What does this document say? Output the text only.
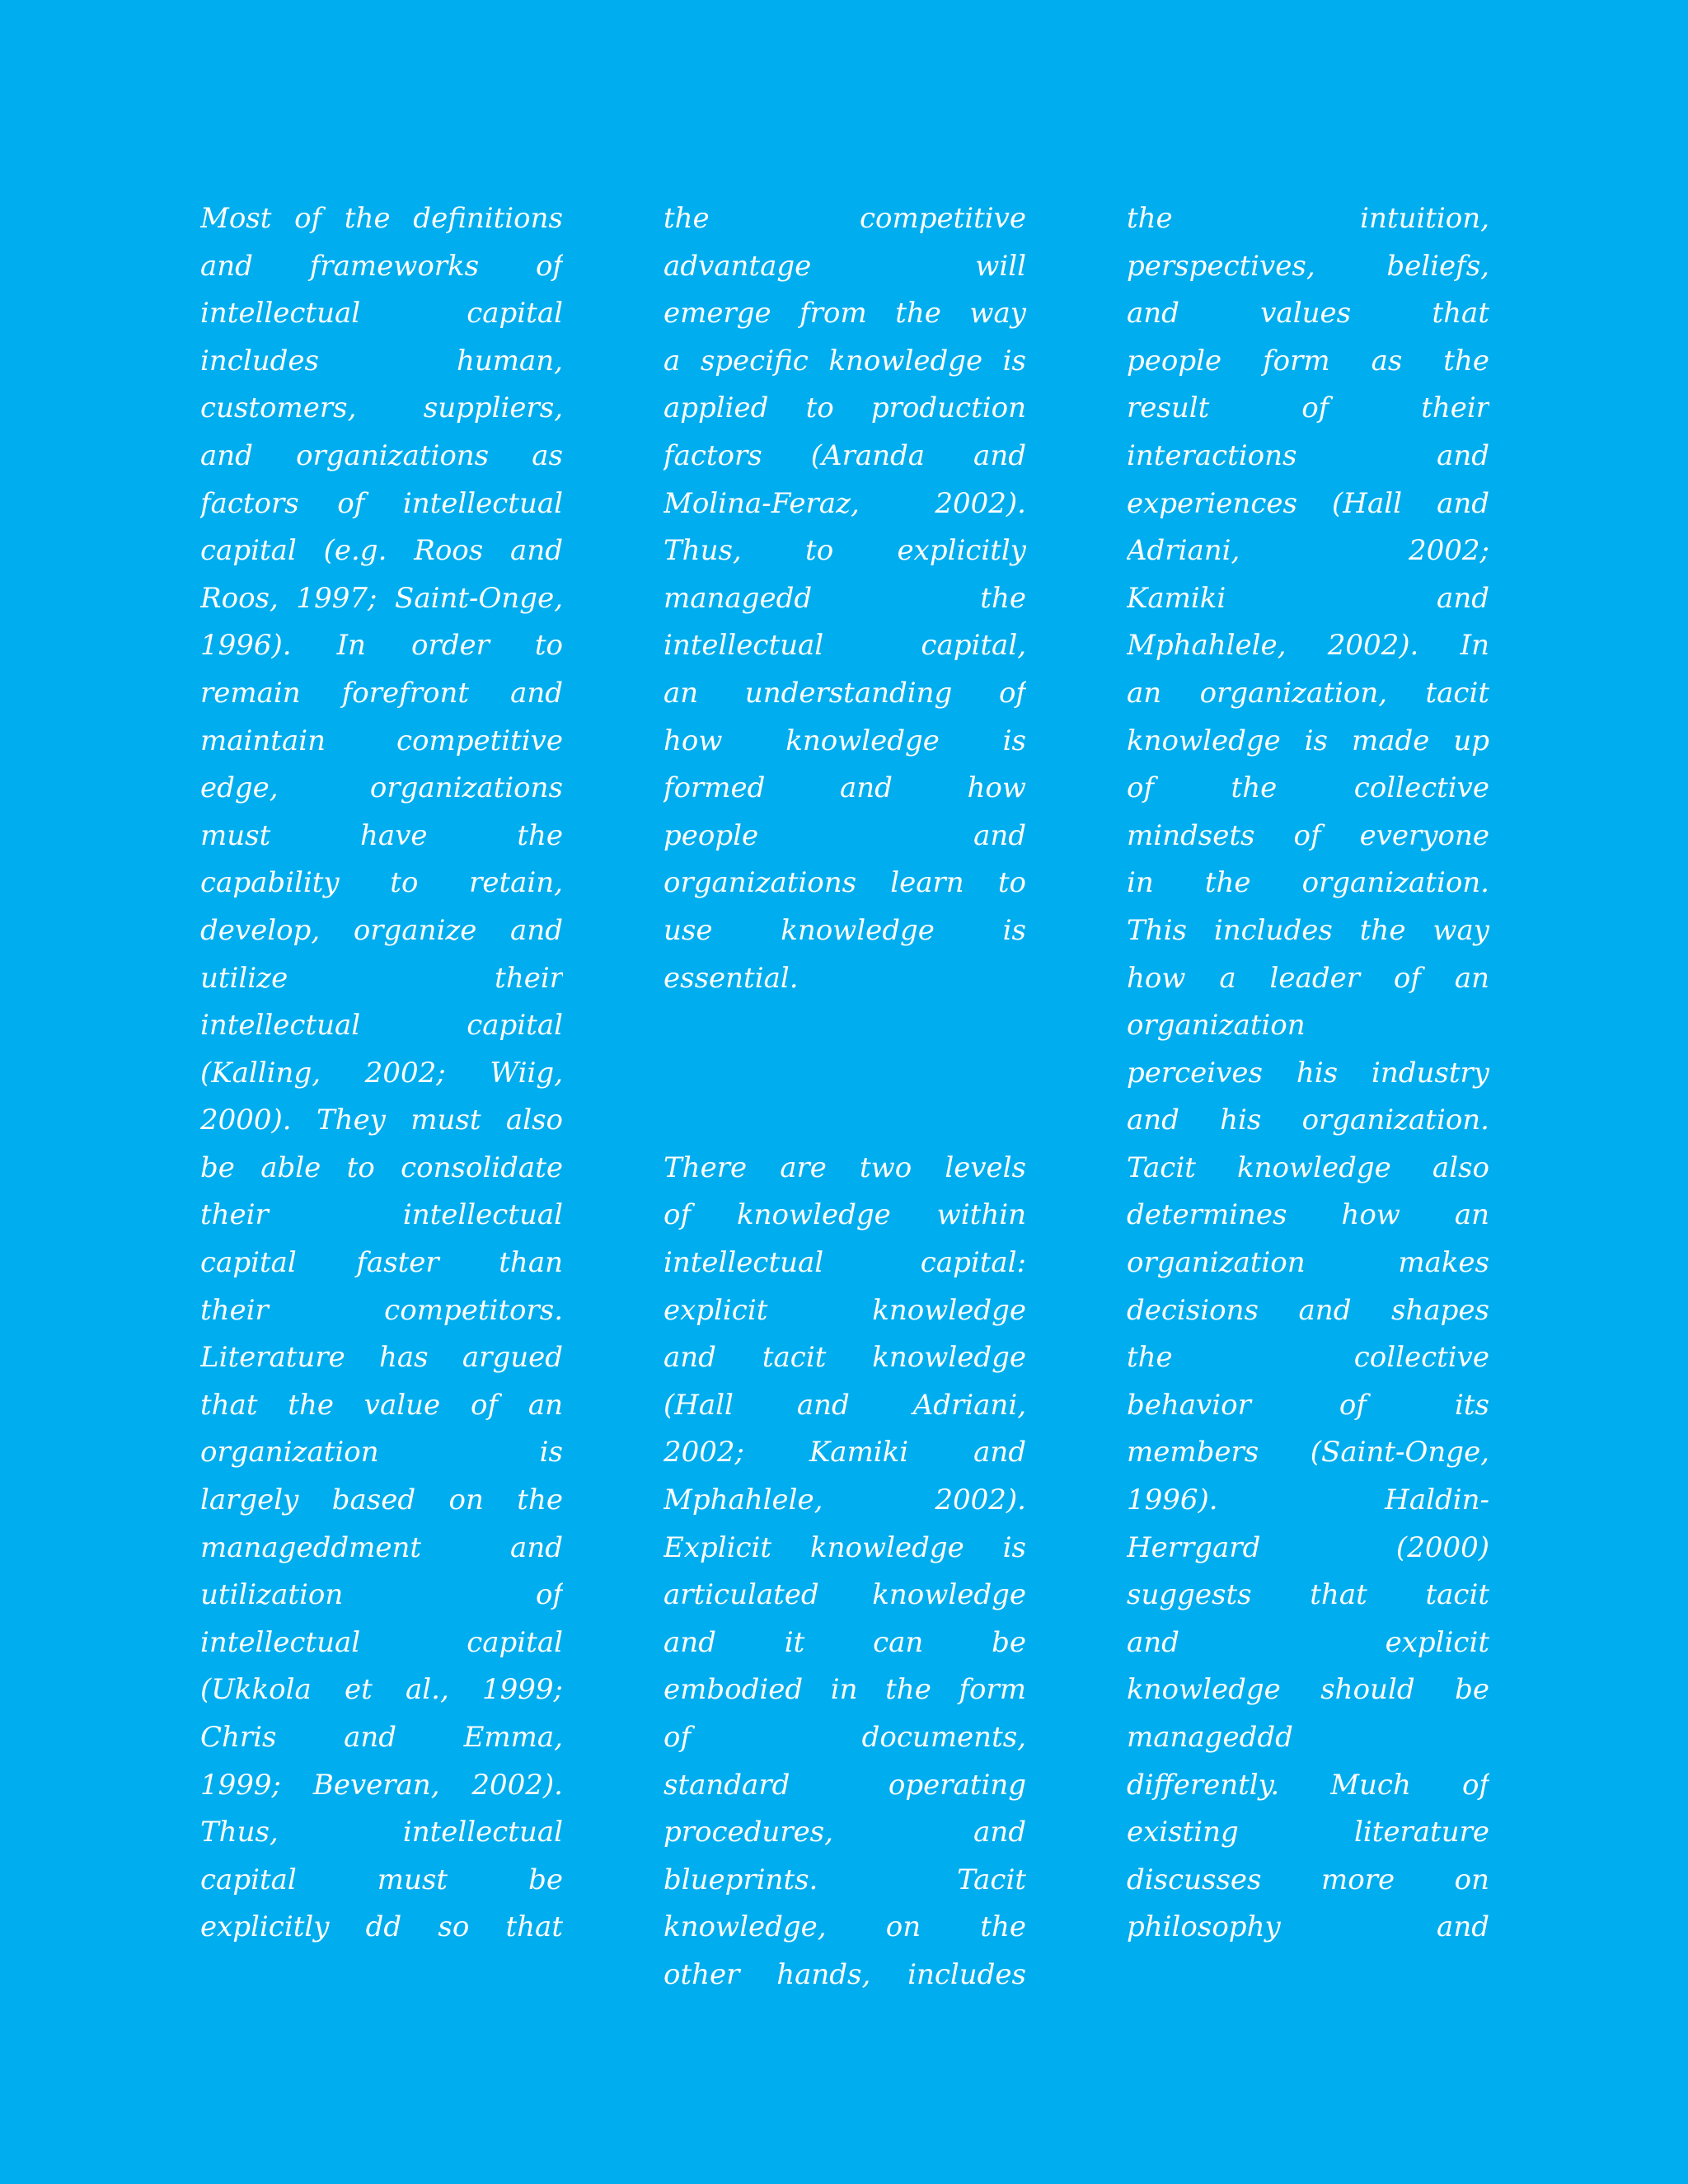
Most of the definitions
and frameworks of
intellectual capital
includes human,
customers, suppliers,
and organizations as
factors of intellectual
capital (e.g. Roos and
Roos, 1997; Saint-Onge,
1996). In order to
remain forefront and
maintain competitive
edge, organizations
must have the
capability to retain,
develop, organize and
utilize their
intellectual capital
(Kalling, 2002; Wiig,
2000). They must also
be able to consolidate
their intellectual
capital faster than
their competitors.
Literature has argued
that the value of an
organization is
largely based on the
manageddment and
utilization of
intellectual capital
(Ukkola et al., 1999;
Chris and Emma,
1999; Beveran, 2002).
Thus, intellectual
capital must be
explicitly dd so that
the competitive
advantage will
emerge from the way
a specific knowledge is
applied to production
factors (Aranda and
Molina-Feraz, 2002).
Thus, to explicitly
managedd the
intellectual capital,
an understanding of
how knowledge is
formed and how
people and
organizations learn to
use knowledge is
essential.
There are two levels
of knowledge within
intellectual capital:
explicit knowledge
and tacit knowledge
(Hall and Adriani,
2002; Kamiki and
Mphahlele, 2002).
Explicit knowledge is
articulated knowledge
and it can be
embodied in the form
of documents,
standard operating
procedures, and
blueprints. Tacit
knowledge, on the
other hands, includes
the intuition,
perspectives, beliefs,
and values that
people form as the
result of their
interactions and
experiences (Hall and
Adriani, 2002;
Kamiki and
Mphahlele, 2002). In
an organization, tacit
knowledge is made up
of the collective
mindsets of everyone
in the organization.
This includes the way
how a leader of an
organization
perceives his industry
and his organization.
Tacit knowledge also
determines how an
organization makes
decisions and shapes
the collective
behavior of its
members (Saint-Onge,
1996). Haldin-
Herrgard (2000)
suggests that tacit
and explicit
knowledge should be
manageddd
differently. Much of
existing literature
discusses more on
philosophy and
